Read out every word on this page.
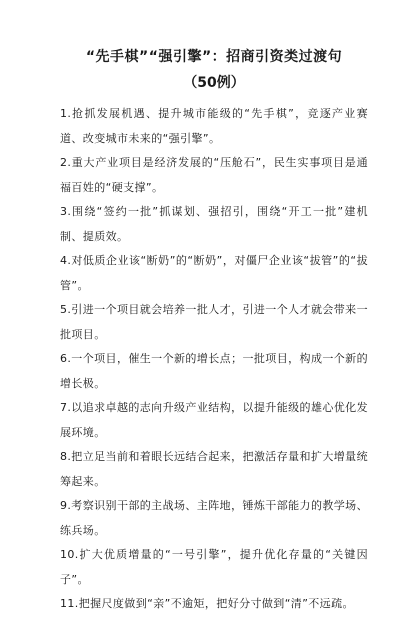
“先手棋”“强引擎”：招商引资类过渡句
（50例）
1.抢抓发展机遇、提升城市能级的“先手棋”，竞逐产业赛道、改变城市未来的“强引擎”。
2.重大产业项目是经济发展的“压舱石”，民生实事项目是通福百姓的“硬支撑”。
3.围绕“签约一批”抓谋划、强招引，围绕“开工一批”建机制、提质效。
4.对低质企业该“断奶”的“断奶”，对僵尸企业该“拔管”的“拔管”。
5.引进一个项目就会培养一批人才，引进一个人才就会带来一批项目。
6.一个项目，催生一个新的增长点；一批项目，构成一个新的增长极。
7.以追求卓越的志向升级产业结构，以提升能级的雄心优化发展环境。
8.把立足当前和着眼长远结合起来，把激活存量和扩大增量统筹起来。
9.考察识别干部的主战场、主阵地，锤炼干部能力的教学场、练兵场。
10.扩大优质增量的“一号引擎”，提升优化存量的“关键因子”。
11.把握尺度做到“亲”不逾矩，把好分寸做到“清”不远疏。
